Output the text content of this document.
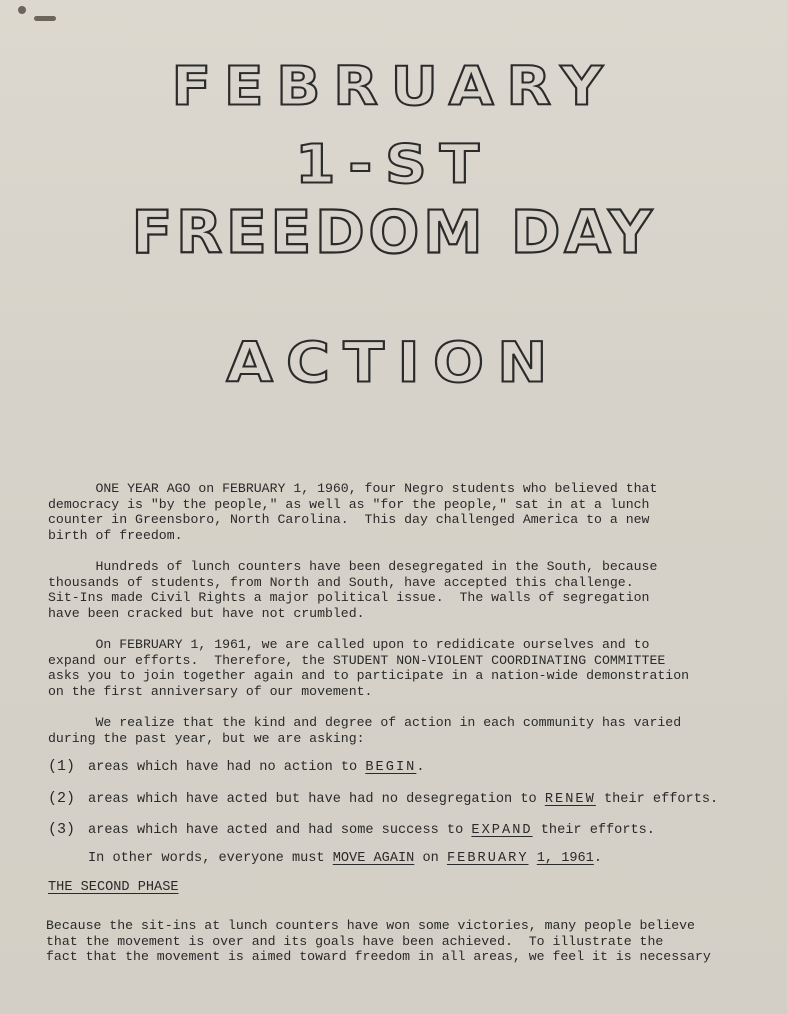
FEBRUARY
1-ST
FREEDOM DAY
ACTION

ONE YEAR AGO on FEBRUARY 1, 1960, four Negro students who believed that

democracy is "by the people," as well as "for the people," sat in at a lunch

counter in Greensboro, North Carolina.  This day challenged America to a new

birth of freedom.

Hundreds of lunch counters have been desegregated in the South, because

thousands of students, from North and South, have accepted this challenge.

Sit-Ins made Civil Rights a major political issue.  The walls of segregation

have been cracked but have not crumbled.

On FEBRUARY 1, 1961, we are called upon to redidicate ourselves and to

expand our efforts.  Therefore, the STUDENT NON-VIOLENT COORDINATING COMMITTEE

asks you to join together again and to participate in a nation-wide demonstration

on the first anniversary of our movement.

We realize that the kind and degree of action in each community has varied

during the past year, but we are asking:

(1) areas which have had no action to BEGIN.
(2) areas which have acted but have had no desegregation to RENEW their efforts.
(3) areas which have acted and had some success to EXPAND their efforts.
In other words, everyone must MOVE AGAIN on FEBRUARY 1, 1961.
THE SECOND PHASE

Because the sit-ins at lunch counters have won some victories, many people believe

that the movement is over and its goals have been achieved.  To illustrate the

fact that the movement is aimed toward freedom in all areas, we feel it is necessary
